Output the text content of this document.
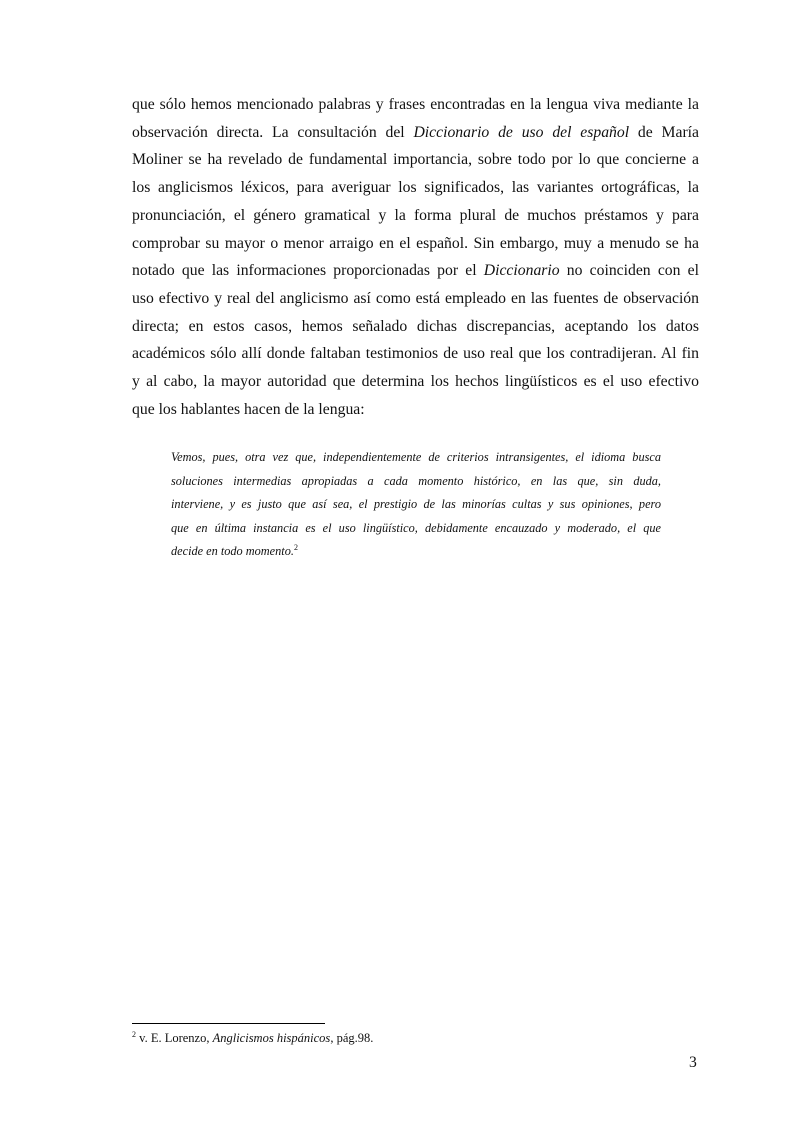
que sólo hemos mencionado palabras y frases encontradas en la lengua viva mediante la
observación directa. La consultación del Diccionario de uso del español de María
Moliner se ha revelado de fundamental importancia, sobre todo por lo que concierne a
los anglicismos léxicos, para averiguar los significados, las variantes ortográficas, la
pronunciación, el género gramatical y la forma plural de muchos préstamos y para
comprobar su mayor o menor arraigo en el español. Sin embargo, muy a menudo se ha
notado que las informaciones proporcionadas por el Diccionario no coinciden con el
uso efectivo y real del anglicismo así como está empleado en las fuentes de observación
directa; en estos casos, hemos señalado dichas discrepancias, aceptando los datos
académicos sólo allí donde faltaban testimonios de uso real que los contradijeran. Al fin
y al cabo, la mayor autoridad que determina los hechos lingüísticos es el uso efectivo
que los hablantes hacen de la lengua:
Vemos, pues, otra vez que, independientemente de criterios intransigentes, el idioma busca
soluciones intermedias apropiadas a cada momento histórico, en las que, sin duda,
interviene, y es justo que así sea, el prestigio de las minorías cultas y sus opiniones, pero
que en última instancia es el uso lingüístico, debidamente encauzado y moderado, el que
decide en todo momento.$^2$

$^2$ v. E. Lorenzo, Anglicismos hispánicos, pág.98.

3
